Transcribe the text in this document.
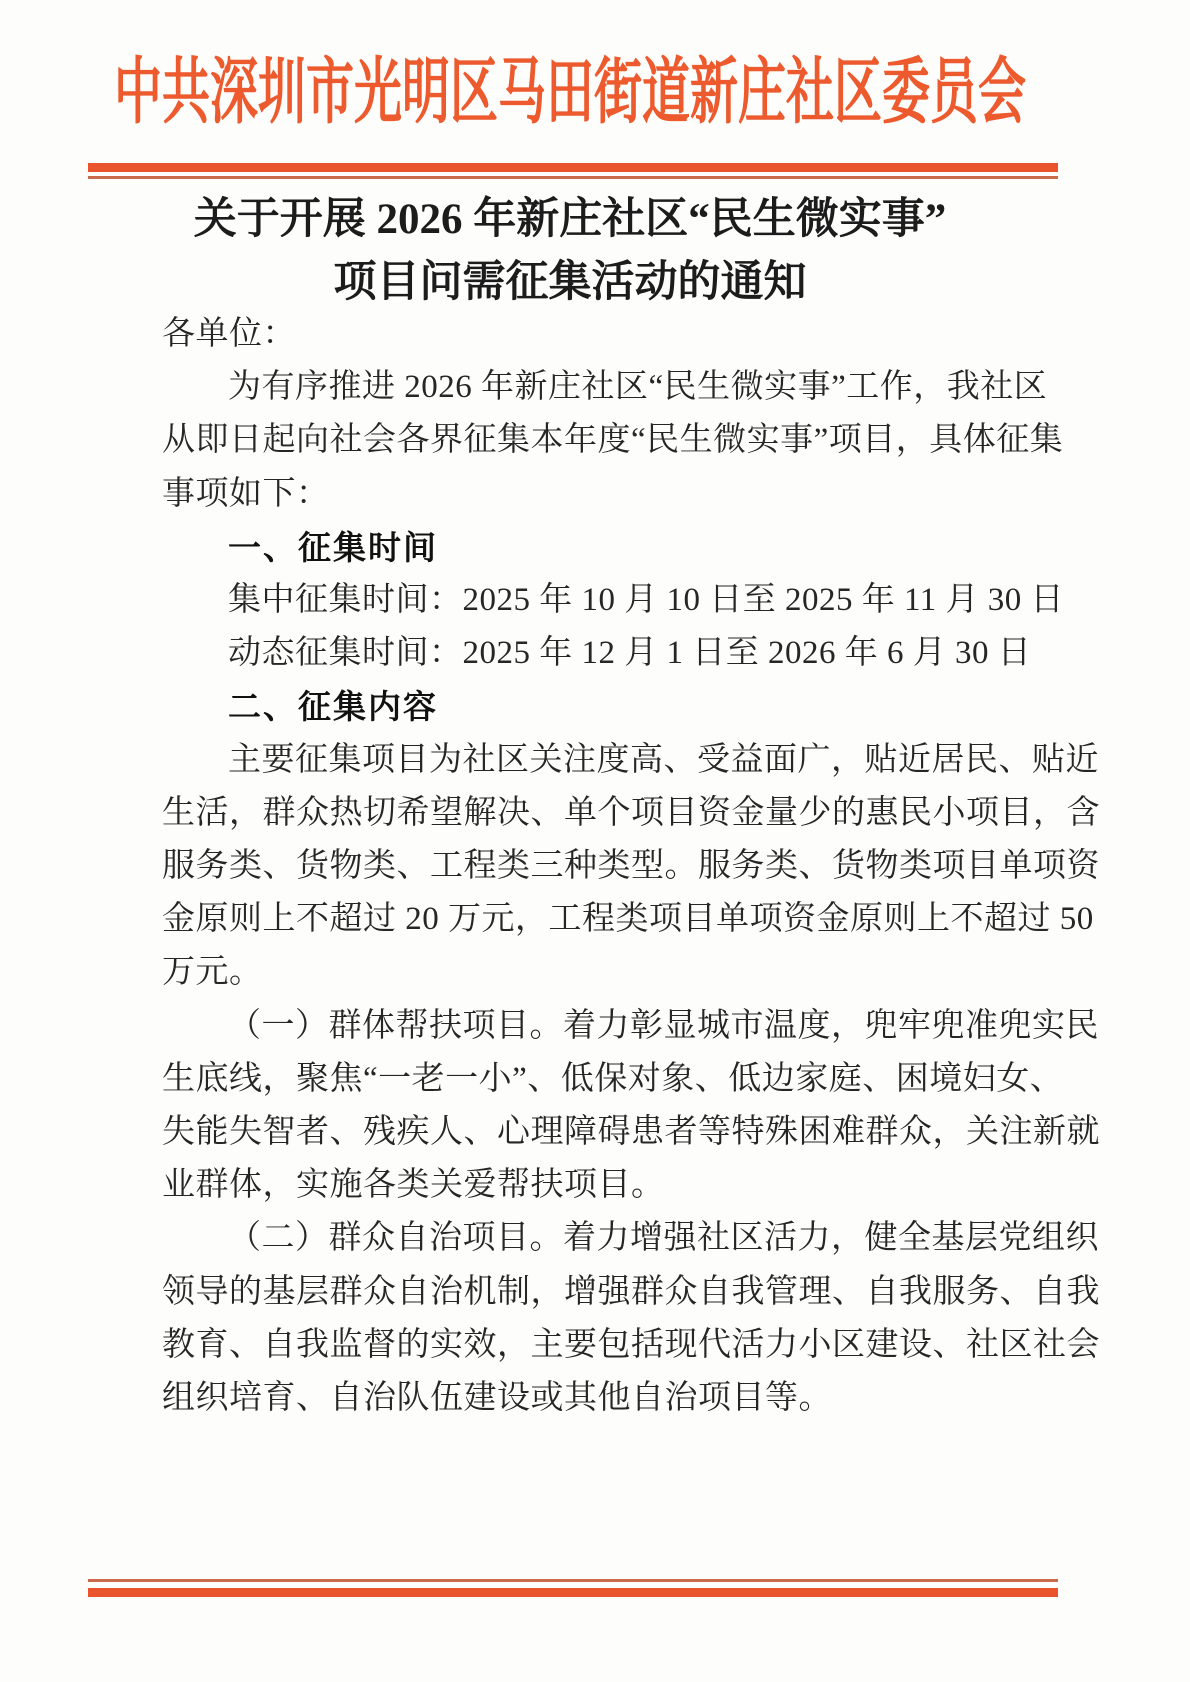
中共深圳市光明区马田街道新庄社区委员会
关于开展 2026 年新庄社区“民生微实事”
项目问需征集活动的通知
各单位：
为有序推进 2026 年新庄社区“民生微实事”工作，我社区
从即日起向社会各界征集本年度“民生微实事”项目，具体征集
事项如下：
一、征集时间
集中征集时间：2025 年 10 月 10 日至 2025 年 11 月 30 日
动态征集时间：2025 年 12 月 1 日至 2026 年 6 月 30 日
二、征集内容
主要征集项目为社区关注度高、受益面广，贴近居民、贴近
生活，群众热切希望解决、单个项目资金量少的惠民小项目，含
服务类、货物类、工程类三种类型。服务类、货物类项目单项资
金原则上不超过 20 万元，工程类项目单项资金原则上不超过 50
万元。
（一）群体帮扶项目。着力彰显城市温度，兜牢兜准兜实民
生底线，聚焦“一老一小”、低保对象、低边家庭、困境妇女、
失能失智者、残疾人、心理障碍患者等特殊困难群众，关注新就
业群体，实施各类关爱帮扶项目。
（二）群众自治项目。着力增强社区活力，健全基层党组织
领导的基层群众自治机制，增强群众自我管理、自我服务、自我
教育、自我监督的实效，主要包括现代活力小区建设、社区社会
组织培育、自治队伍建设或其他自治项目等。
